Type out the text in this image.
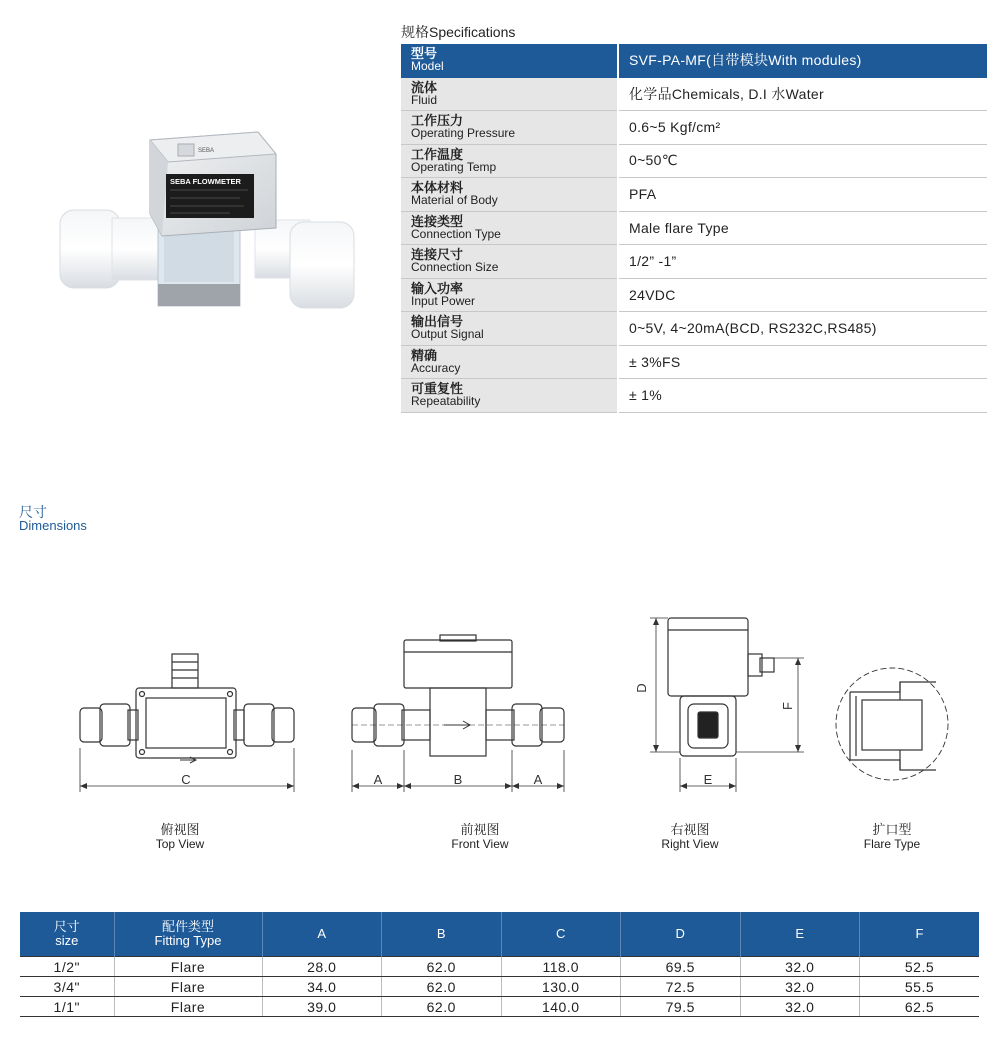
SEBA FLOWMETER
SEBA
规格Specifications
型号
Model	SVF-PA-MF(自带模块With modules)

流体
Fluid	化学品Chemicals, D.I 水Water

工作压力
Operating Pressure	0.6~5 Kgf/cm²

工作温度
Operating Temp	0~50℃

本体材料
Material of Body	PFA

连接类型
Connection Type	Male flare Type

连接尺寸
Connection Size	1/2” -1”

输入功率
Input Power	24VDC

输出信号
Output Signal	0~5V, 4~20mA(BCD, RS232C,RS485)

精确
Accuracy	± 3%FS

可重复性
Repeatability	± 1%
尺寸
Dimensions
C	A	B	A
D
F
E
俯视图
Top View
前视图
Front View
右视图
Right View
扩口型
Flare Type
尺寸
size	配件类型
Fitting Type	A	B	C	D	E	F
1/2"	Flare	28.0	62.0	118.0	69.5	32.0	52.5
3/4"	Flare	34.0	62.0	130.0	72.5	32.0	55.5
1/1"	Flare	39.0	62.0	140.0	79.5	32.0	62.5
